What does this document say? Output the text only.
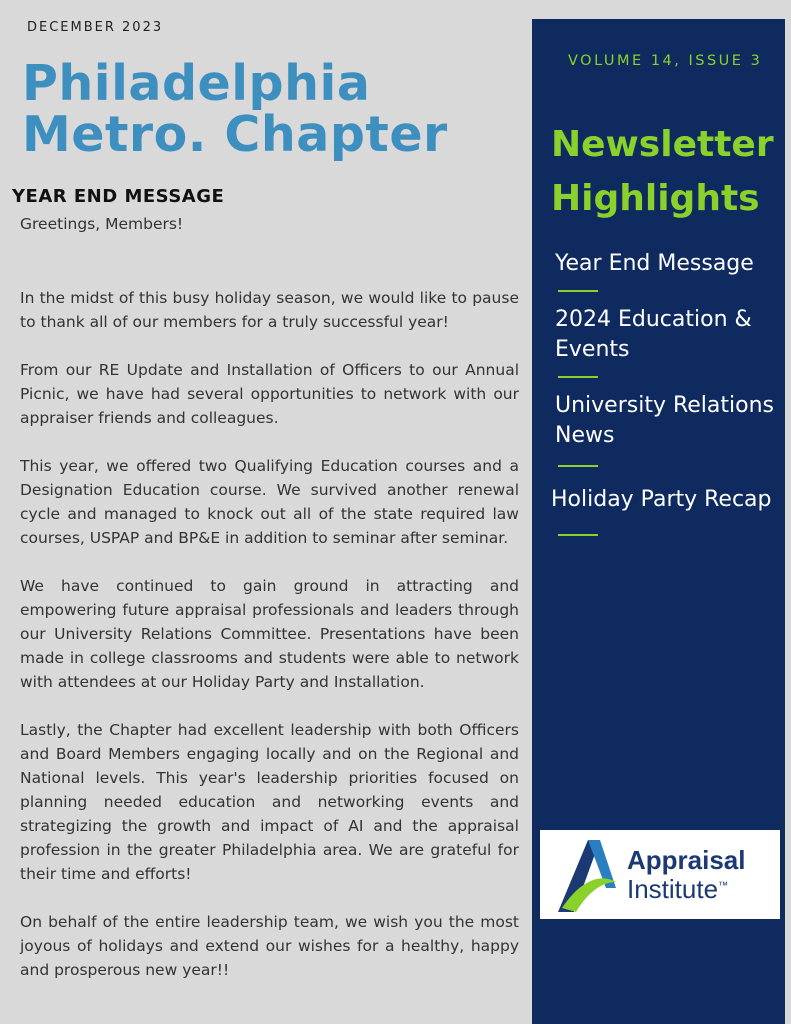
DECEMBER 2023
Philadelphia
Metro. Chapter
YEAR END MESSAGE
Greetings, Members!

In the midst of this busy holiday season, we would like to pause to thank all of our members for a truly successful year!

From our RE Update and Installation of Officers to our Annual Picnic, we have had several opportunities to network with our appraiser friends and colleagues.

This year, we offered two Qualifying Education courses and a Designation Education course. We survived another renewal cycle and managed to knock out all of the state required law courses, USPAP and BP&E in addition to seminar after seminar.

We have continued to gain ground in attracting and empowering future appraisal professionals and leaders through our University Relations Committee. Presentations have been made in college classrooms and students were able to network with attendees at our Holiday Party and Installation.

Lastly, the Chapter had excellent leadership with both Officers and Board Members engaging locally and on the Regional and National levels. This year's leadership priorities focused on planning needed education and networking events and strategizing the growth and impact of AI and the appraisal profession in the greater Philadelphia area. We are grateful for their time and efforts!

On behalf of the entire leadership team, we wish you the most joyous of holidays and extend our wishes for a healthy, happy and prosperous new year!!

VOLUME 14, ISSUE 3
Newsletter
Highlights
Year End Message
2024 Education & Events
University Relations News
Holiday Party Recap
Appraisal
Institute™
